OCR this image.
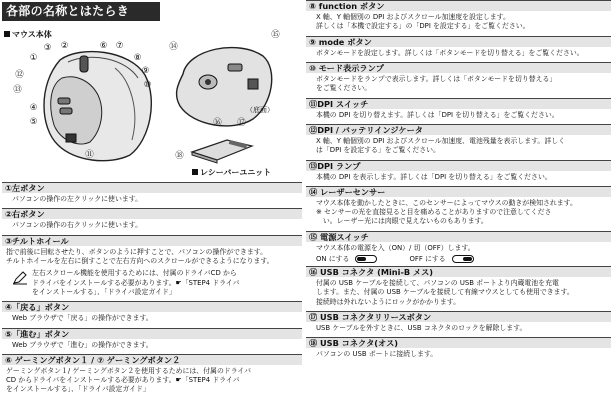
各部の名称とはたらき
マウス本体
①
③ ②	⑥ ⑦
⑧
⑨
⑩
⑫
⑬
④
⑤
⑪
⑭
⑮
⑯ ⑰
（底面）
⑱
レシーバーユニット
①左ボタン

パソコンの操作の左クリックに使います。

②右ボタン

パソコンの操作の右クリックに使います。

③チルトホイール

指で前後に回転させたり、ボタンのように押すことで、パソコンの操作ができます。

チルトホイールを左右に倒すことで左右方向へのスクロールができるようになります。

左右スクロール機能を使用するためには、付属のドライバCD から

ドライバをインストールする必要があります。☛「STEP4 ドライバ

をインストールする」、「ドライバ設定ガイド」

④「戻る」ボタン

Web ブラウザで「戻る」の操作ができます。

⑤「進む」ボタン

Web ブラウザで「進む」の操作ができます。

⑥ ゲーミングボタン１ / ⑦ ゲーミングボタン２

ゲーミングボタン１/ ゲーミングボタン２を使用するためには、付属のドライバ

CD からドライバをインストールする必要があります。☛「STEP4 ドライバ

をインストールする」、「ドライバ設定ガイド」

⑧ function ボタン

X 軸、Y 軸個別の DPI およびスクロール加速度を設定します。

詳しくは「本機で設定する」の「DPI を設定する」をご覧ください。

⑨ mode ボタン

ボタンモードを設定します。詳しくは「ボタンモードを切り替える」をご覧ください。

⑩ モード表示ランプ

ボタンモードをランプで表示します。詳しくは「ボタンモードを切り替える」

をご覧ください。

⑪DPI スイッチ

本機の DPI を切り替えます。詳しくは「DPI を切り替える」をご覧ください。

⑫DPI / バッテリインジケータ

X 軸、Y 軸個別の DPI およびスクロール加速度、電池残量を表示します。詳しく

は「DPI を設定する」をご覧ください。

⑬DPI ランプ

本機の DPI を表示します。詳しくは「DPI を切り替える」をご覧ください。

⑭ レーザーセンサー

マウス本体を動かしたときに、このセンサーによってマウスの動きが検知されます。

※ センサーの光を直接見ると目を痛めることがありますので注意してくださ

　い。レーザー光には肉眼で見えないものもあります。

⑮ 電源スイッチ

マウス本体の電源を入（ON）/ 切（OFF）します。

ON にする	OFF にする
⑯ USB コネクタ (Mini-B メス)

付属の USB ケーブルを接続して、パソコンの USB ポートより内蔵電池を充電

します。また、付属の USB ケーブルを接続して有線マウスとしても使用できます。

接続時は外れないようにロックがかかります。

⑰ USB コネクタリリースボタン

USB ケーブルを外すときに、USB コネクタのロックを解除します。

⑱ USB コネクタ(オス)

パソコンの USB ポートに接続します。
